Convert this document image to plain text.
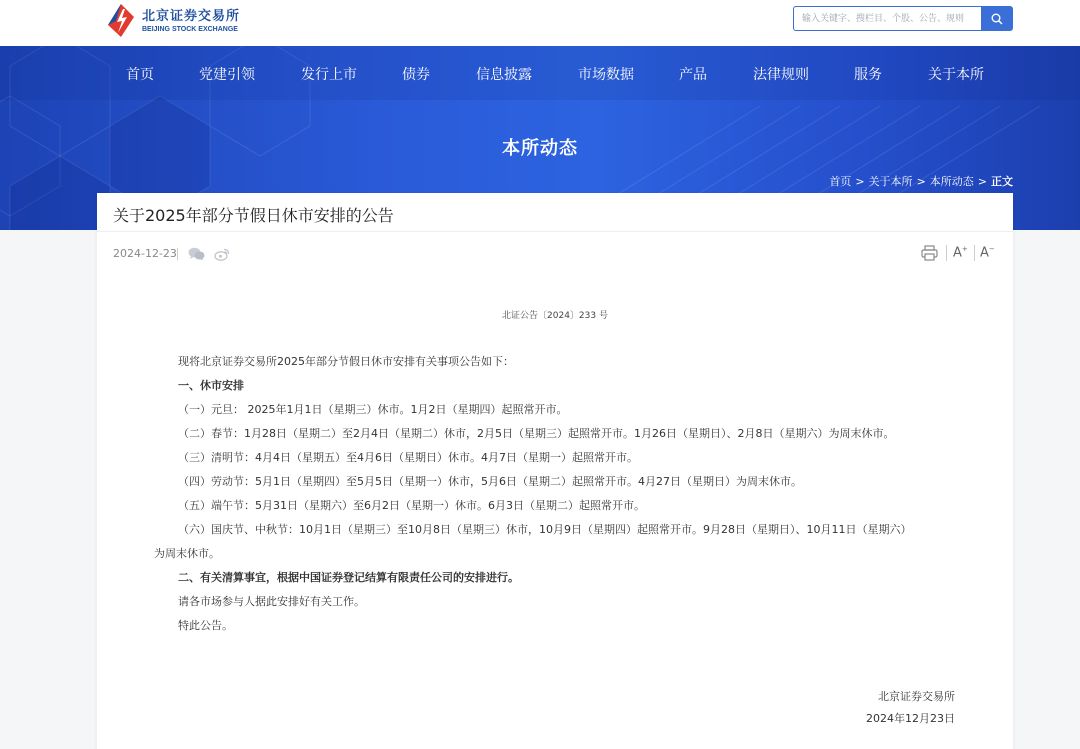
北京证券交易所
BEIJING STOCK EXCHANGE
输入关键字、搜栏目、个股、公告、规则
首页	党建引领	发行上市	债券	信息披露	市场数据	产品	法律规则	服务	关于本所
本所动态
首页 > 关于本所 > 本所动态 > 正文
关于2025年部分节假日休市安排的公告
2024-12-23	A+ A−
北证公告〔2024〕233 号
现将北京证券交易所2025年部分节假日休市安排有关事项公告如下：
一、休市安排
（一）元旦： 2025年1月1日（星期三）休市。1月2日（星期四）起照常开市。
（二）春节：1月28日（星期二）至2月4日（星期二）休市，2月5日（星期三）起照常开市。1月26日（星期日）、2月8日（星期六）为周末休市。
（三）清明节：4月4日（星期五）至4月6日（星期日）休市。4月7日（星期一）起照常开市。
（四）劳动节：5月1日（星期四）至5月5日（星期一）休市，5月6日（星期二）起照常开市。4月27日（星期日）为周末休市。
（五）端午节：5月31日（星期六）至6月2日（星期一）休市。6月3日（星期二）起照常开市。
（六）国庆节、中秋节：10月1日（星期三）至10月8日（星期三）休市，10月9日（星期四）起照常开市。9月28日（星期日）、10月11日（星期六）
为周末休市。
二、有关清算事宜，根据中国证券登记结算有限责任公司的安排进行。
请各市场参与人据此安排好有关工作。
特此公告。
北京证券交易所
2024年12月23日
